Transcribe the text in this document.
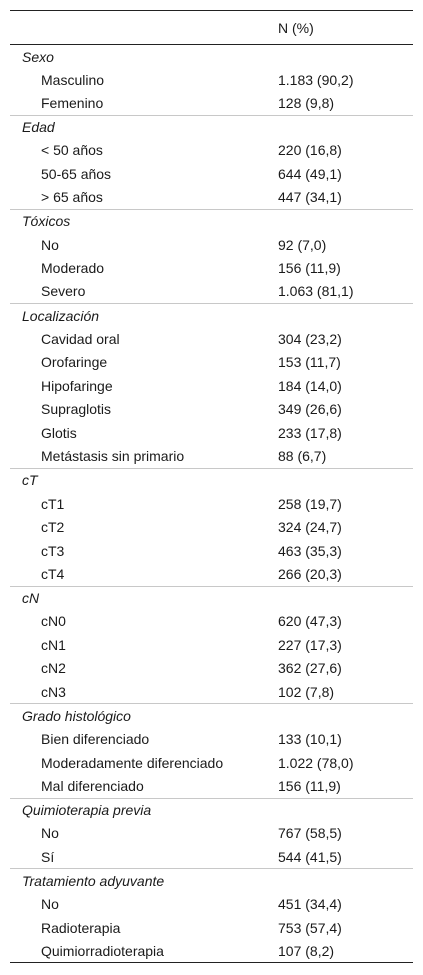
	N (%)
Sexo	
Masculino	1.183 (90,2)
Femenino	128 (9,8)
Edad	
< 50 años	220 (16,8)
50-65 años	644 (49,1)
> 65 años	447 (34,1)
Tóxicos	
No	92 (7,0)
Moderado	156 (11,9)
Severo	1.063 (81,1)
Localización	
Cavidad oral	304 (23,2)
Orofaringe	153 (11,7)
Hipofaringe	184 (14,0)
Supraglotis	349 (26,6)
Glotis	233 (17,8)
Metástasis sin primario	88 (6,7)
cT	
cT1	258 (19,7)
cT2	324 (24,7)
cT3	463 (35,3)
cT4	266 (20,3)
cN	
cN0	620 (47,3)
cN1	227 (17,3)
cN2	362 (27,6)
cN3	102 (7,8)
Grado histológico	
Bien diferenciado	133 (10,1)
Moderadamente diferenciado	1.022 (78,0)
Mal diferenciado	156 (11,9)
Quimioterapia previa	
No	767 (58,5)
Sí	544 (41,5)
Tratamiento adyuvante	
No	451 (34,4)
Radioterapia	753 (57,4)
Quimiorradioterapia	107 (8,2)
